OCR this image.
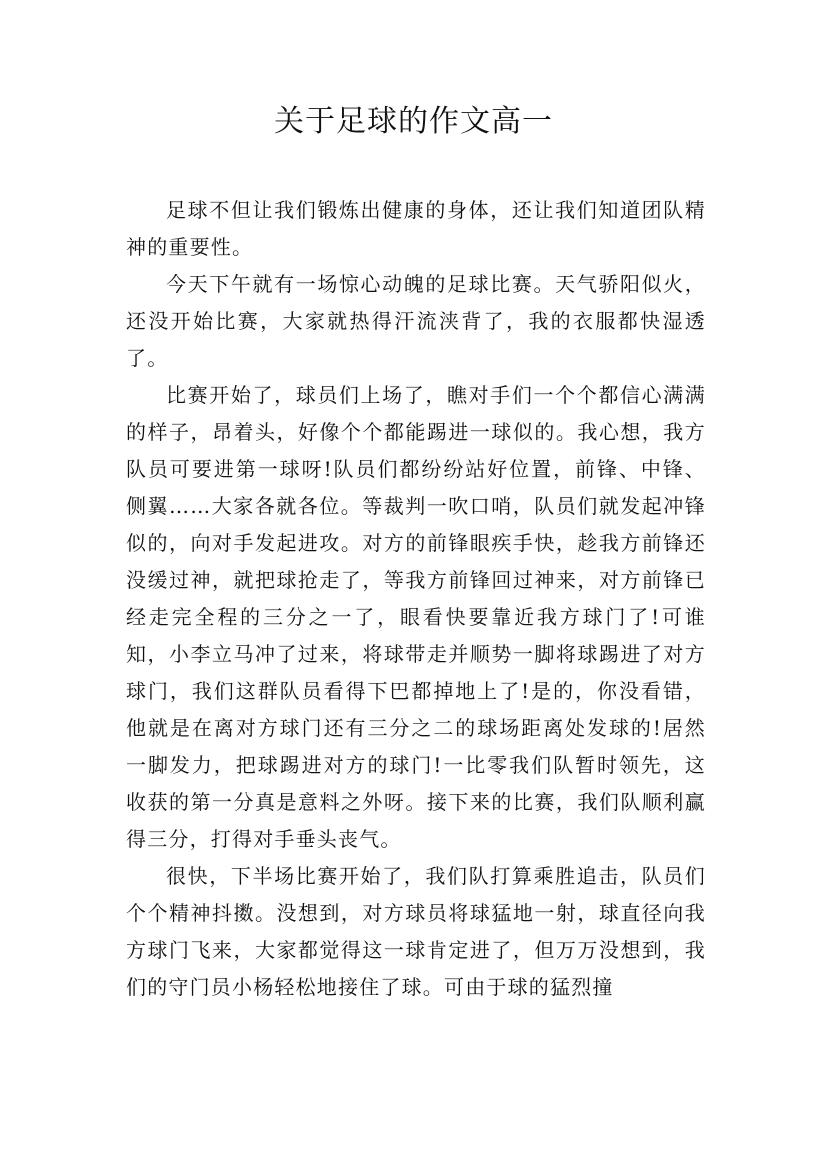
关于足球的作文高一

足球不但让我们锻炼出健康的身体，还让我们知道团队精神的重要性。

今天下午就有一场惊心动魄的足球比赛。天气骄阳似火，还没开始比赛，大家就热得汗流浃背了，我的衣服都快湿透了。

比赛开始了，球员们上场了，瞧对手们一个个都信心满满的样子，昂着头，好像个个都能踢进一球似的。我心想，我方队员可要进第一球呀!队员们都纷纷站好位置，前锋、中锋、侧翼……大家各就各位。等裁判一吹口哨，队员们就发起冲锋似的，向对手发起进攻。对方的前锋眼疾手快，趁我方前锋还没缓过神，就把球抢走了，等我方前锋回过神来，对方前锋已经走完全程的三分之一了，眼看快要靠近我方球门了!可谁知，小李立马冲了过来，将球带走并顺势一脚将球踢进了对方球门，我们这群队员看得下巴都掉地上了!是的，你没看错，他就是在离对方球门还有三分之二的球场距离处发球的!居然一脚发力，把球踢进对方的球门!一比零我们队暂时领先，这收获的第一分真是意料之外呀。接下来的比赛，我们队顺利赢得三分，打得对手垂头丧气。

很快，下半场比赛开始了，我们队打算乘胜追击，队员们个个精神抖擞。没想到，对方球员将球猛地一射，球直径向我方球门飞来，大家都觉得这一球肯定进了，但万万没想到，我们的守门员小杨轻松地接住了球。可由于球的猛烈撞
